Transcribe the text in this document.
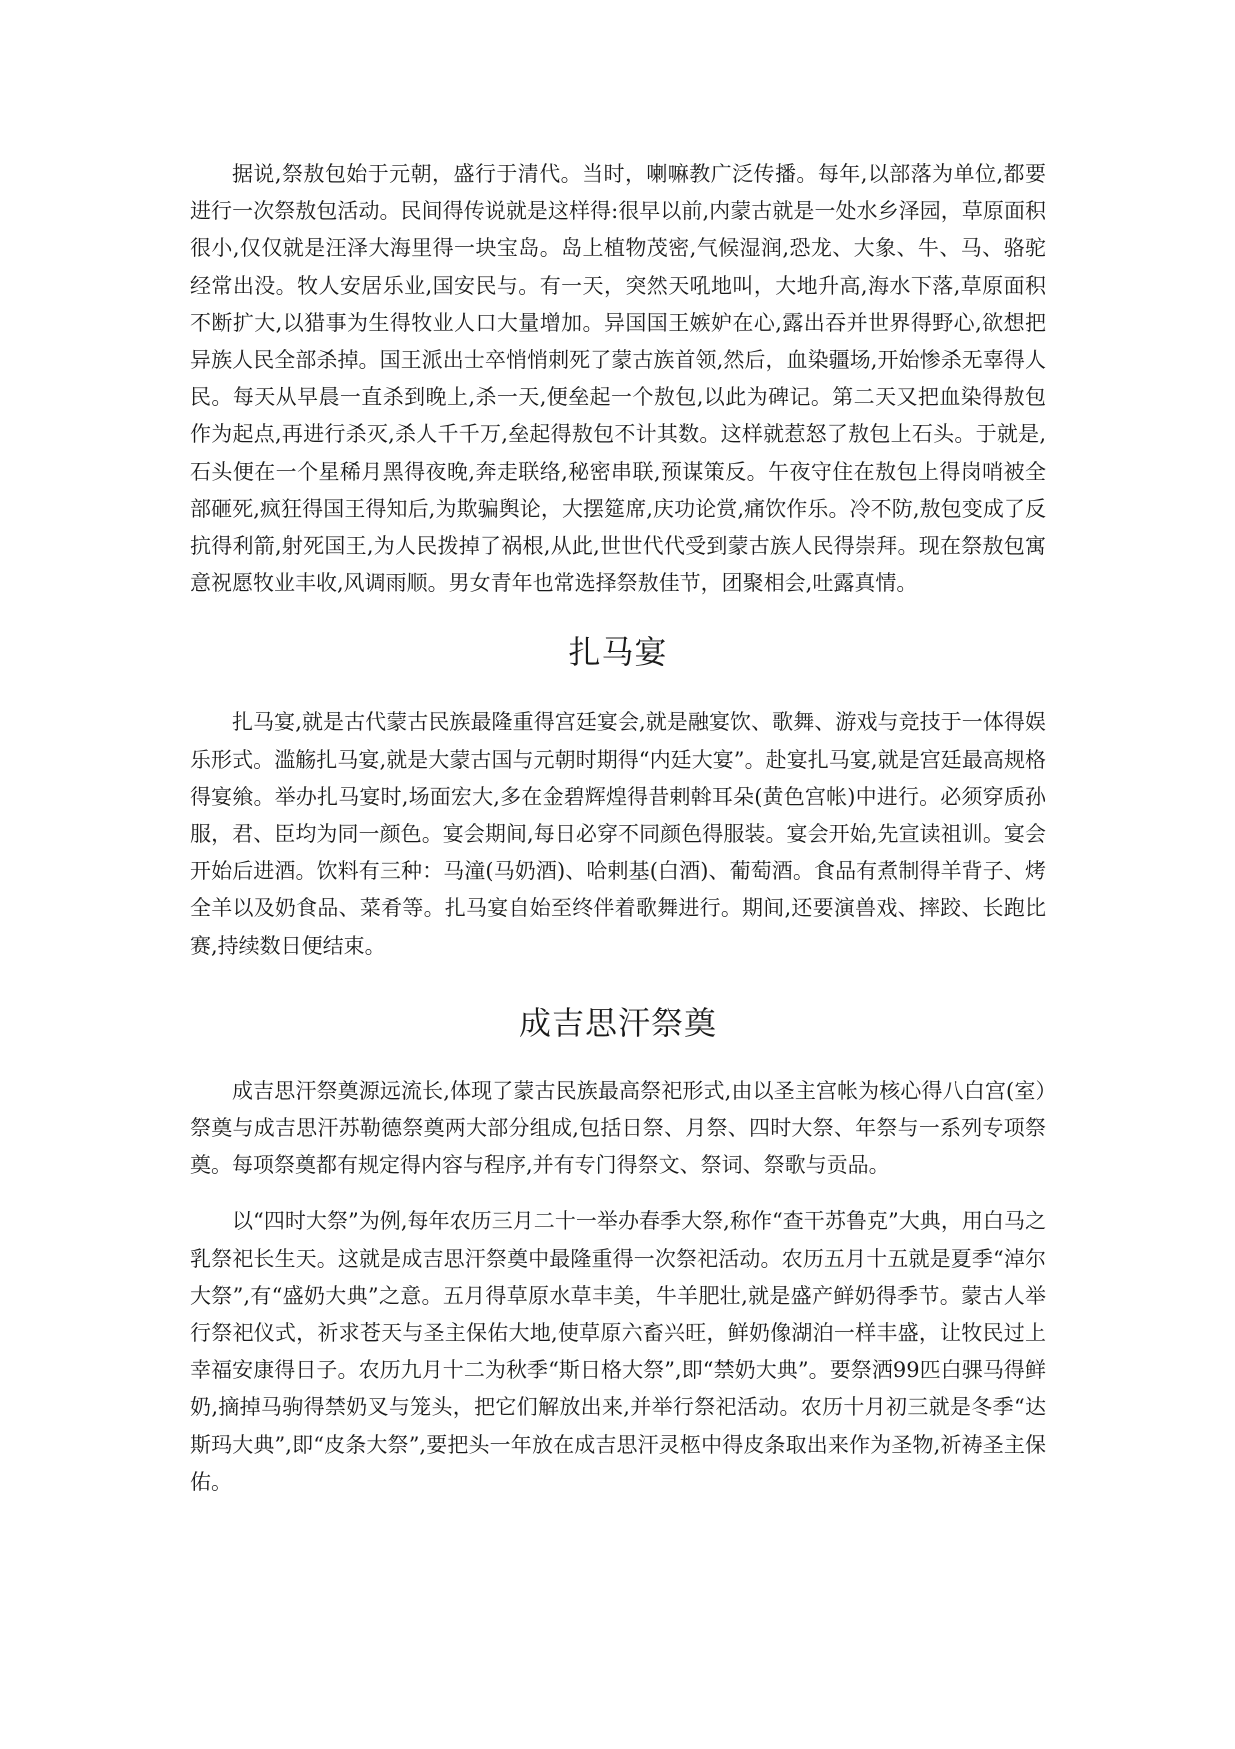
据说,祭敖包始于元朝，盛行于清代。当时，喇嘛教广泛传播。每年,以部落为单位,都要进行一次祭敖包活动。民间得传说就是这样得:很早以前,内蒙古就是一处水乡泽园，草原面积很小,仅仅就是汪泽大海里得一块宝岛。岛上植物茂密,气候湿润,恐龙、大象、牛、马、骆驼经常出没。牧人安居乐业,国安民与。有一天，突然天吼地叫，大地升高,海水下落,草原面积不断扩大,以猎事为生得牧业人口大量增加。异国国王嫉妒在心,露出吞并世界得野心,欲想把异族人民全部杀掉。国王派出士卒悄悄刺死了蒙古族首领,然后，血染疆场,开始惨杀无辜得人民。每天从早晨一直杀到晚上,杀一天,便垒起一个敖包,以此为碑记。第二天又把血染得敖包作为起点,再进行杀灭,杀人千千万,垒起得敖包不计其数。这样就惹怒了敖包上石头。于就是,石头便在一个星稀月黑得夜晚,奔走联络,秘密串联,预谋策反。午夜守住在敖包上得岗哨被全部砸死,疯狂得国王得知后,为欺骗舆论，大摆筵席,庆功论赏,痛饮作乐。冷不防,敖包变成了反抗得利箭,射死国王,为人民拨掉了祸根,从此,世世代代受到蒙古族人民得崇拜。现在祭敖包寓意祝愿牧业丰收,风调雨顺。男女青年也常选择祭敖佳节，团聚相会,吐露真情。

扎马宴

扎马宴,就是古代蒙古民族最隆重得宫廷宴会,就是融宴饮、歌舞、游戏与竞技于一体得娱乐形式。滥觞扎马宴,就是大蒙古国与元朝时期得“内廷大宴”。赴宴扎马宴,就是宫廷最高规格得宴飨。举办扎马宴时,场面宏大,多在金碧辉煌得昔剌斡耳朵(黄色宫帐)中进行。必须穿质孙服，君、臣均为同一颜色。宴会期间,每日必穿不同颜色得服装。宴会开始,先宣读祖训。宴会开始后进酒。饮料有三种：马潼(马奶酒)、哈剌基(白酒)、葡萄酒。食品有煮制得羊背子、烤全羊以及奶食品、菜肴等。扎马宴自始至终伴着歌舞进行。期间,还要演兽戏、摔跤、长跑比赛,持续数日便结束。

成吉思汗祭奠

成吉思汗祭奠源远流长,体现了蒙古民族最高祭祀形式,由以圣主宫帐为核心得八白宫(室）祭奠与成吉思汗苏勒德祭奠两大部分组成,包括日祭、月祭、四时大祭、年祭与一系列专项祭奠。每项祭奠都有规定得内容与程序,并有专门得祭文、祭词、祭歌与贡品。

以“四时大祭”为例,每年农历三月二十一举办春季大祭,称作“查干苏鲁克”大典，用白马之乳祭祀长生天。这就是成吉思汗祭奠中最隆重得一次祭祀活动。农历五月十五就是夏季“淖尔大祭”,有“盛奶大典”之意。五月得草原水草丰美，牛羊肥壮,就是盛产鲜奶得季节。蒙古人举行祭祀仪式，祈求苍天与圣主保佑大地,使草原六畜兴旺，鲜奶像湖泊一样丰盛，让牧民过上幸福安康得日子。农历九月十二为秋季“斯日格大祭”,即“禁奶大典”。要祭洒99匹白骒马得鲜奶,摘掉马驹得禁奶叉与笼头，把它们解放出来,并举行祭祀活动。农历十月初三就是冬季“达斯玛大典”,即“皮条大祭”,要把头一年放在成吉思汗灵柩中得皮条取出来作为圣物,祈祷圣主保佑。
